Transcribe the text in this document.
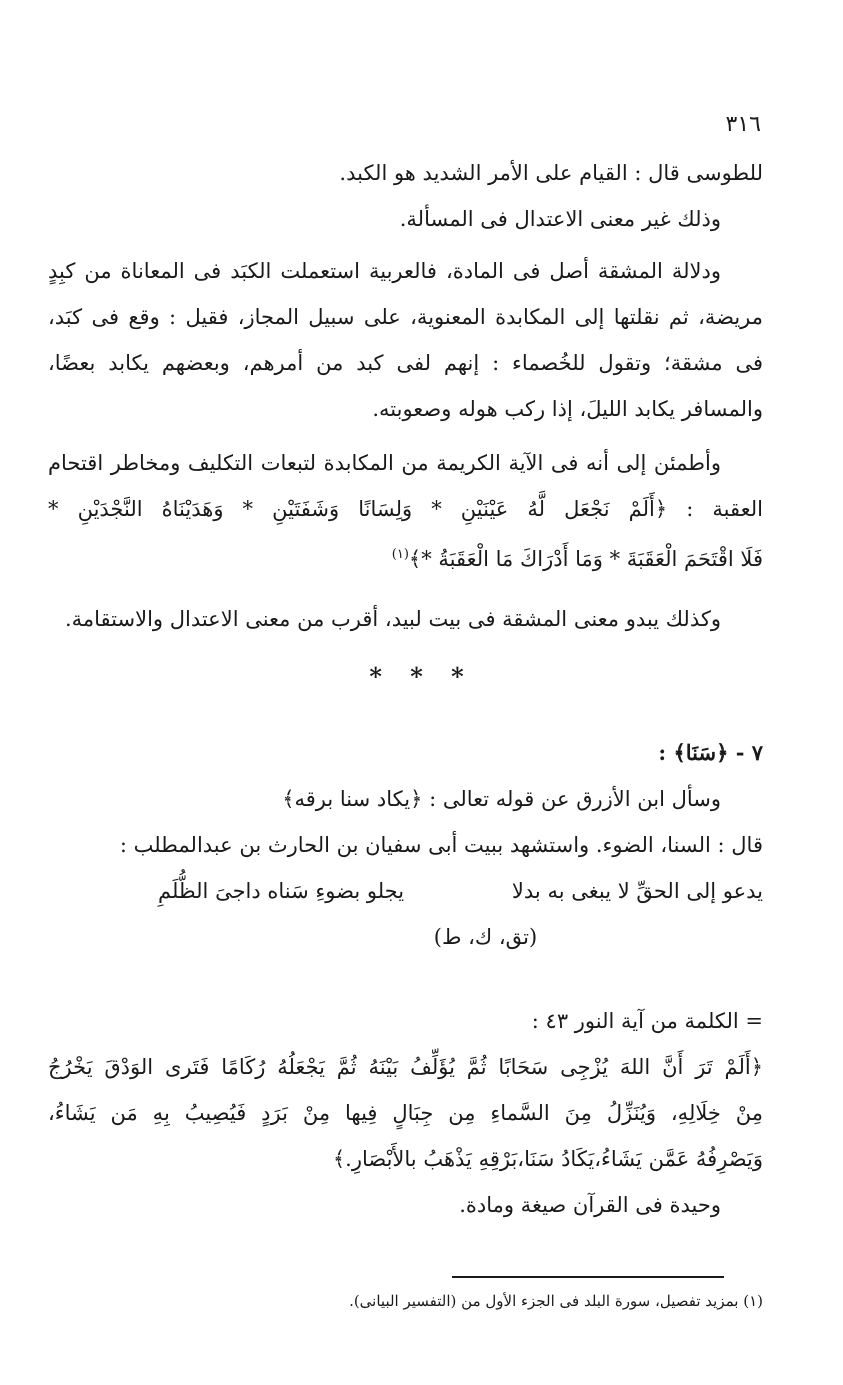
٣١٦
للطوسى قال : القيام على الأمر الشديد هو الكبد.
وذلك غير معنى الاعتدال فى المسألة.
ودلالة المشقة أصل فى المادة، فالعربية استعملت الكبَد فى المعاناة من كبِدٍ
مريضة، ثم نقلتها إلى المكابدة المعنوية، على سبيل المجاز، فقيل : وقع فى كبَد،
فى مشقة؛ وتقول للخُصماء : إنهم لفى كبد من أمرهم، وبعضهم يكابد بعضًا،
والمسافر يكابد الليلَ، إذا ركب هوله وصعوبته.
وأطمئن إلى أنه فى الآية الكريمة من المكابدة لتبعات التكليف ومخاطر اقتحام
العقبة : ﴿أَلَمْ نَجْعَل لَّهُ عَيْنَيْنِ * وَلِسَانًا وَشَفَتَيْنِ * وَهَدَيْنَاهُ النَّجْدَيْنِ *
فَلَا اقْتَحَمَ الْعَقَبَةَ * وَمَا أَدْرَاكَ مَا الْعَقَبَةُ *﴾$^{(١)}$
وكذلك يبدو معنى المشقة فى بيت لبيد، أقرب من معنى الاعتدال والاستقامة.
* * *
٧ - ﴿سَنَا﴾ :
وسأل ابن الأزرق عن قوله تعالى : ﴿يكاد سنا برقه﴾
قال : السنا، الضوء. واستشهد ببيت أبى سفيان بن الحارث بن عبدالمطلب :
يدعو إلى الحقِّ لا يبغى به بدلا
يجلو بضوءِ سَناه داجىَ الظُّلَمِ
(تق، ك، ط)
= الكلمة من آية النور ٤٣ :
﴿أَلَمْ تَرَ أَنَّ اللهَ يُزْجِى سَحَابًا ثُمَّ يُؤَلِّفُ بَيْنَهُ ثُمَّ يَجْعَلُهُ رُكَامًا فَتَرى الوَدْقَ يَخْرُجُ
مِنْ خِلَالِهِ، وَيُنَزِّلُ مِنَ السَّماءِ مِن جِبَالٍ فِيها مِنْ بَرَدٍ فَيُصِيبُ بِهِ مَن يَشَاءُ،
وَيَصْرِفُهُ عَمَّن يَشَاءُ،يَكَادُ سَنَا،بَرْقِهِ يَذْهَبُ بالأَبْصَارِ.﴾
وحيدة فى القرآن صيغة ومادة.
(١) بمزيد تفصيل، سورة البلد فى الجزء الأول من (التفسير البيانى).
